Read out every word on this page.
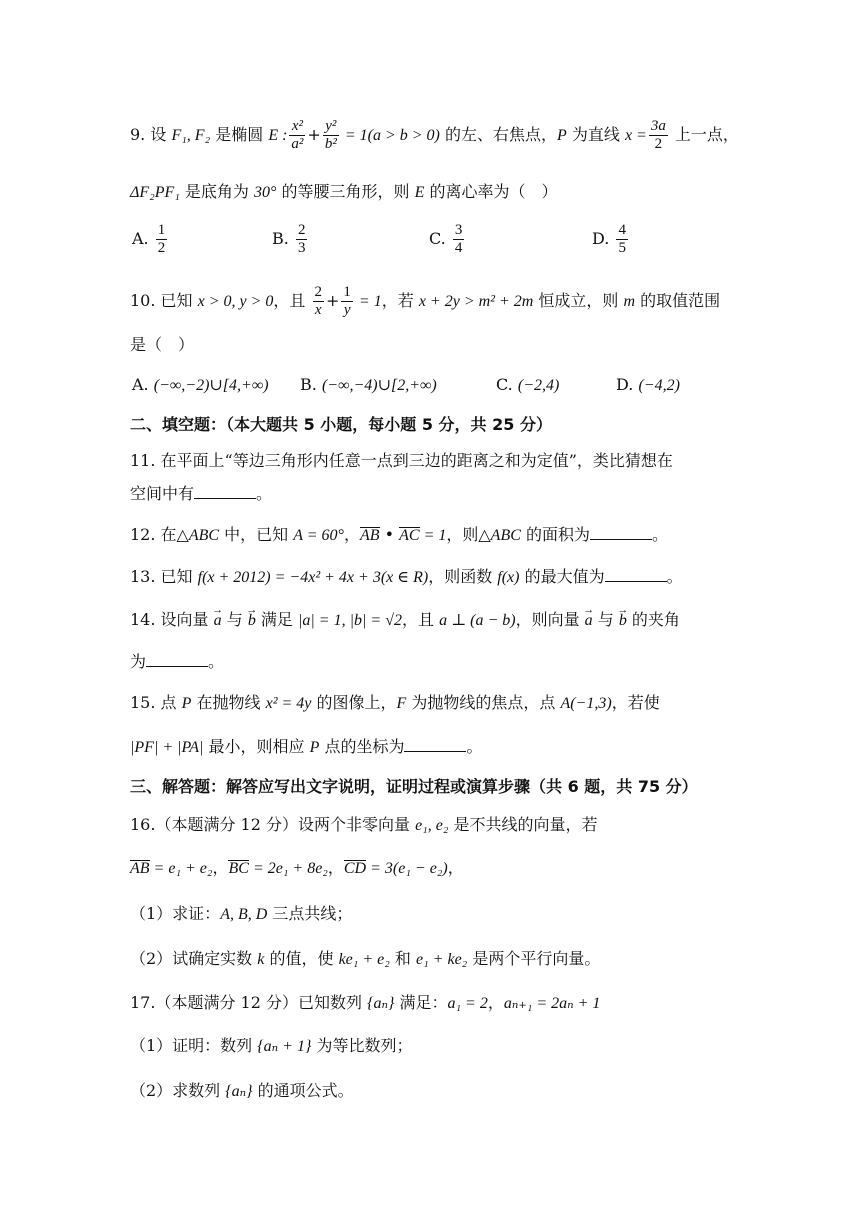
9. 设 F₁, F₂ 是椭圆 E : $\frac{\text{x²}}{\text{a²}} + \frac{\text{y²}}{\text{b²}} = 1(a > b > 0)$ 的左、右焦点，P 为直线 $x = \frac{3a}{2}$ 上一点，
ΔF₂PF₁ 是底角为 30° 的等腰三角形，则 E 的离心率为（　）
A. $\frac{1}{2}$	B. $\frac{2}{3}$	C. $\frac{3}{4}$	D. $\frac{4}{5}$
10. 已知 x > 0, y > 0，且 $\frac{2}{x} + \frac{1}{y} = 1$，若 x + 2y > m² + 2m 恒成立，则 m 的取值范围
是（　）
A. (−∞,−2)∪[4,+∞) B. (−∞,−4)∪[2,+∞)	C. (−2,4)	D. (−4,2)
二、填空题：（本大题共 5 小题，每小题 5 分，共 25 分）
11. 在平面上“等边三角形内任意一点到三边的距离之和为定值”，类比猜想在
空间中有	。
12. 在△ABC 中，已知 A = 60°，AB • AC = 1，则△ABC 的面积为	。
13. 已知 f(x + 2012) = −4x² + 4x + 3(x ∈ R)，则函数 f(x) 的最大值为	。
14. 设向量 → a 与 → b 满足 |a| = 1, |b| = √2，且 a ⊥ (a − b)，则向量 → a 与 → b 的夹角
为	。
15. 点 P 在抛物线 x² = 4y 的图像上，F 为抛物线的焦点，点 A(−1,3)，若使
|PF| + |PA| 最小，则相应 P 点的坐标为	。
三、解答题：解答应写出文字说明，证明过程或演算步骤（共 6 题，共 75 分）
16.（本题满分 12 分）设两个非零向量 e₁, e₂ 是不共线的向量，若
AB = e₁ + e₂，BC = 2e₁ + 8e₂，CD = 3(e₁ − e₂)，
（1）求证：A, B, D 三点共线；
（2）试确定实数 k 的值，使 ke₁ + e₂ 和 e₁ + ke₂ 是两个平行向量。
17.（本题满分 12 分）已知数列 {aₙ} 满足：a₁ = 2，aₙ₊₁ = 2aₙ + 1
（1）证明：数列 {aₙ + 1} 为等比数列；
（2）求数列 {aₙ} 的通项公式。
